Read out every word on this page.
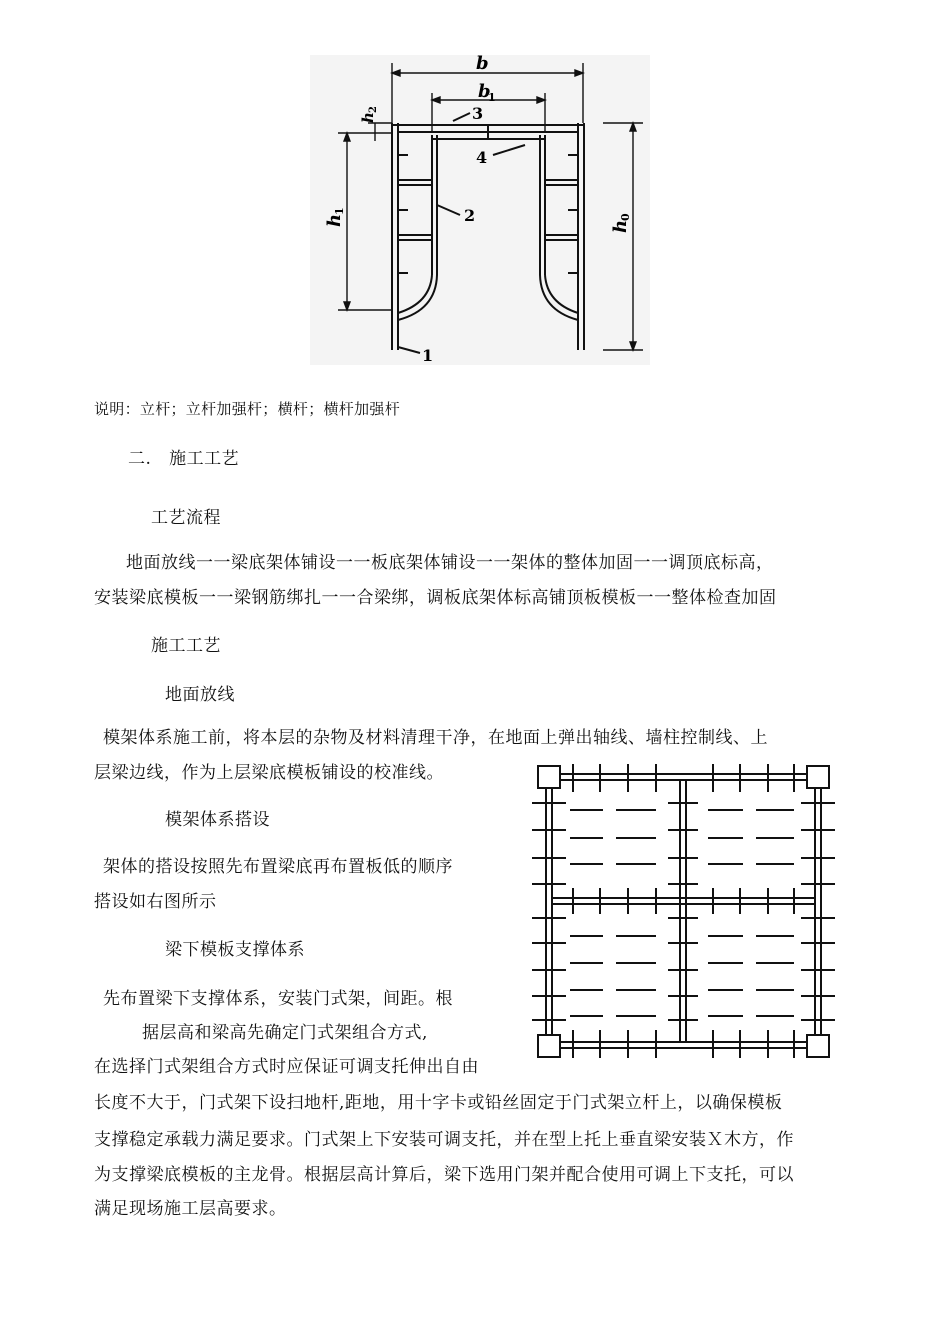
b
b
1
h
2
h
1
h
0
3
4
2
1
说明：立杆；立杆加强杆；横杆；横杆加强杆
二.   施工工艺
工艺流程
地面放线一一梁底架体铺设一一板底架体铺设一一架体的整体加固一一调顶底标高，
安装梁底模板一一梁钢筋绑扎一一合梁绑，调板底架体标高铺顶板模板一一整体检查加固
施工工艺
地面放线
模架体系施工前，将本层的杂物及材料清理干净，在地面上弹出轴线、墙柱控制线、上
层梁边线，作为上层梁底模板铺设的校准线。
模架体系搭设
架体的搭设按照先布置梁底再布置板低的顺序
搭设如右图所示
梁下模板支撑体系
先布置梁下支撑体系，安装门式架，间距。根
据层高和梁高先确定门式架组合方式,
在选择门式架组合方式时应保证可调支托伸出自由
长度不大于，门式架下设扫地杆,距地，用十字卡或铅丝固定于门式架立杆上，以确保模板
支撑稳定承载力满足要求。门式架上下安装可调支托，并在型上托上垂直梁安装Ｘ木方，作
为支撑梁底模板的主龙骨。根据层高计算后，梁下选用门架并配合使用可调上下支托，可以
满足现场施工层高要求。
